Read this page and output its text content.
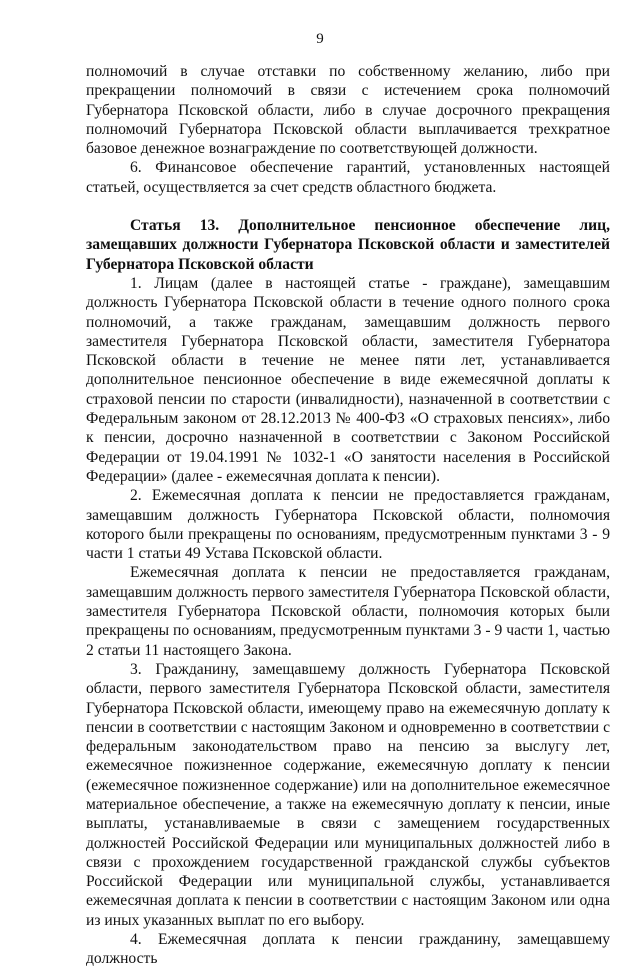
9

полномочий в случае отставки по собственному желанию, либо при прекращении полномочий в связи с истечением срока полномочий Губернатора Псковской области, либо в случае досрочного прекращения полномочий Губернатора Псковской области выплачивается трехкратное базовое денежное вознаграждение по соответствующей должности.

6. Финансовое обеспечение гарантий, установленных настоящей статьей, осуществляется за счет средств областного бюджета.

Статья 13. Дополнительное пенсионное обеспечение лиц, замещавших должности Губернатора Псковской области и заместителей Губернатора Псковской области

1. Лицам (далее в настоящей статье - граждане), замещавшим должность Губернатора Псковской области в течение одного полного срока полномочий, а также гражданам, замещавшим должность первого заместителя Губернатора Псковской области, заместителя Губернатора Псковской области в течение не менее пяти лет, устанавливается дополнительное пенсионное обеспечение в виде ежемесячной доплаты к страховой пенсии по старости (инвалидности), назначенной в соответствии с Федеральным законом от 28.12.2013 № 400-ФЗ «О страховых пенсиях», либо к пенсии, досрочно назначенной в соответствии с Законом Российской Федерации от 19.04.1991 № 1032-1 «О занятости населения в Российской Федерации» (далее - ежемесячная доплата к пенсии).

2. Ежемесячная доплата к пенсии не предоставляется гражданам, замещавшим должность Губернатора Псковской области, полномочия которого были прекращены по основаниям, предусмотренным пунктами 3 - 9 части 1 статьи 49 Устава Псковской области.

Ежемесячная доплата к пенсии не предоставляется гражданам, замещавшим должность первого заместителя Губернатора Псковской области, заместителя Губернатора Псковской области, полномочия которых были прекращены по основаниям, предусмотренным пунктами 3 - 9 части 1, частью 2 статьи 11 настоящего Закона.

3. Гражданину, замещавшему должность Губернатора Псковской области, первого заместителя Губернатора Псковской области, заместителя Губернатора Псковской области, имеющему право на ежемесячную доплату к пенсии в соответствии с настоящим Законом и одновременно в соответствии с федеральным законодательством право на пенсию за выслугу лет, ежемесячное пожизненное содержание, ежемесячную доплату к пенсии (ежемесячное пожизненное содержание) или на дополнительное ежемесячное материальное обеспечение, а также на ежемесячную доплату к пенсии, иные выплаты, устанавливаемые в связи с замещением государственных должностей Российской Федерации или муниципальных должностей либо в связи с прохождением государственной гражданской службы субъектов Российской Федерации или муниципальной службы, устанавливается ежемесячная доплата к пенсии в соответствии с настоящим Законом или одна из иных указанных выплат по его выбору.

4. Ежемесячная доплата к пенсии гражданину, замещавшему должность
